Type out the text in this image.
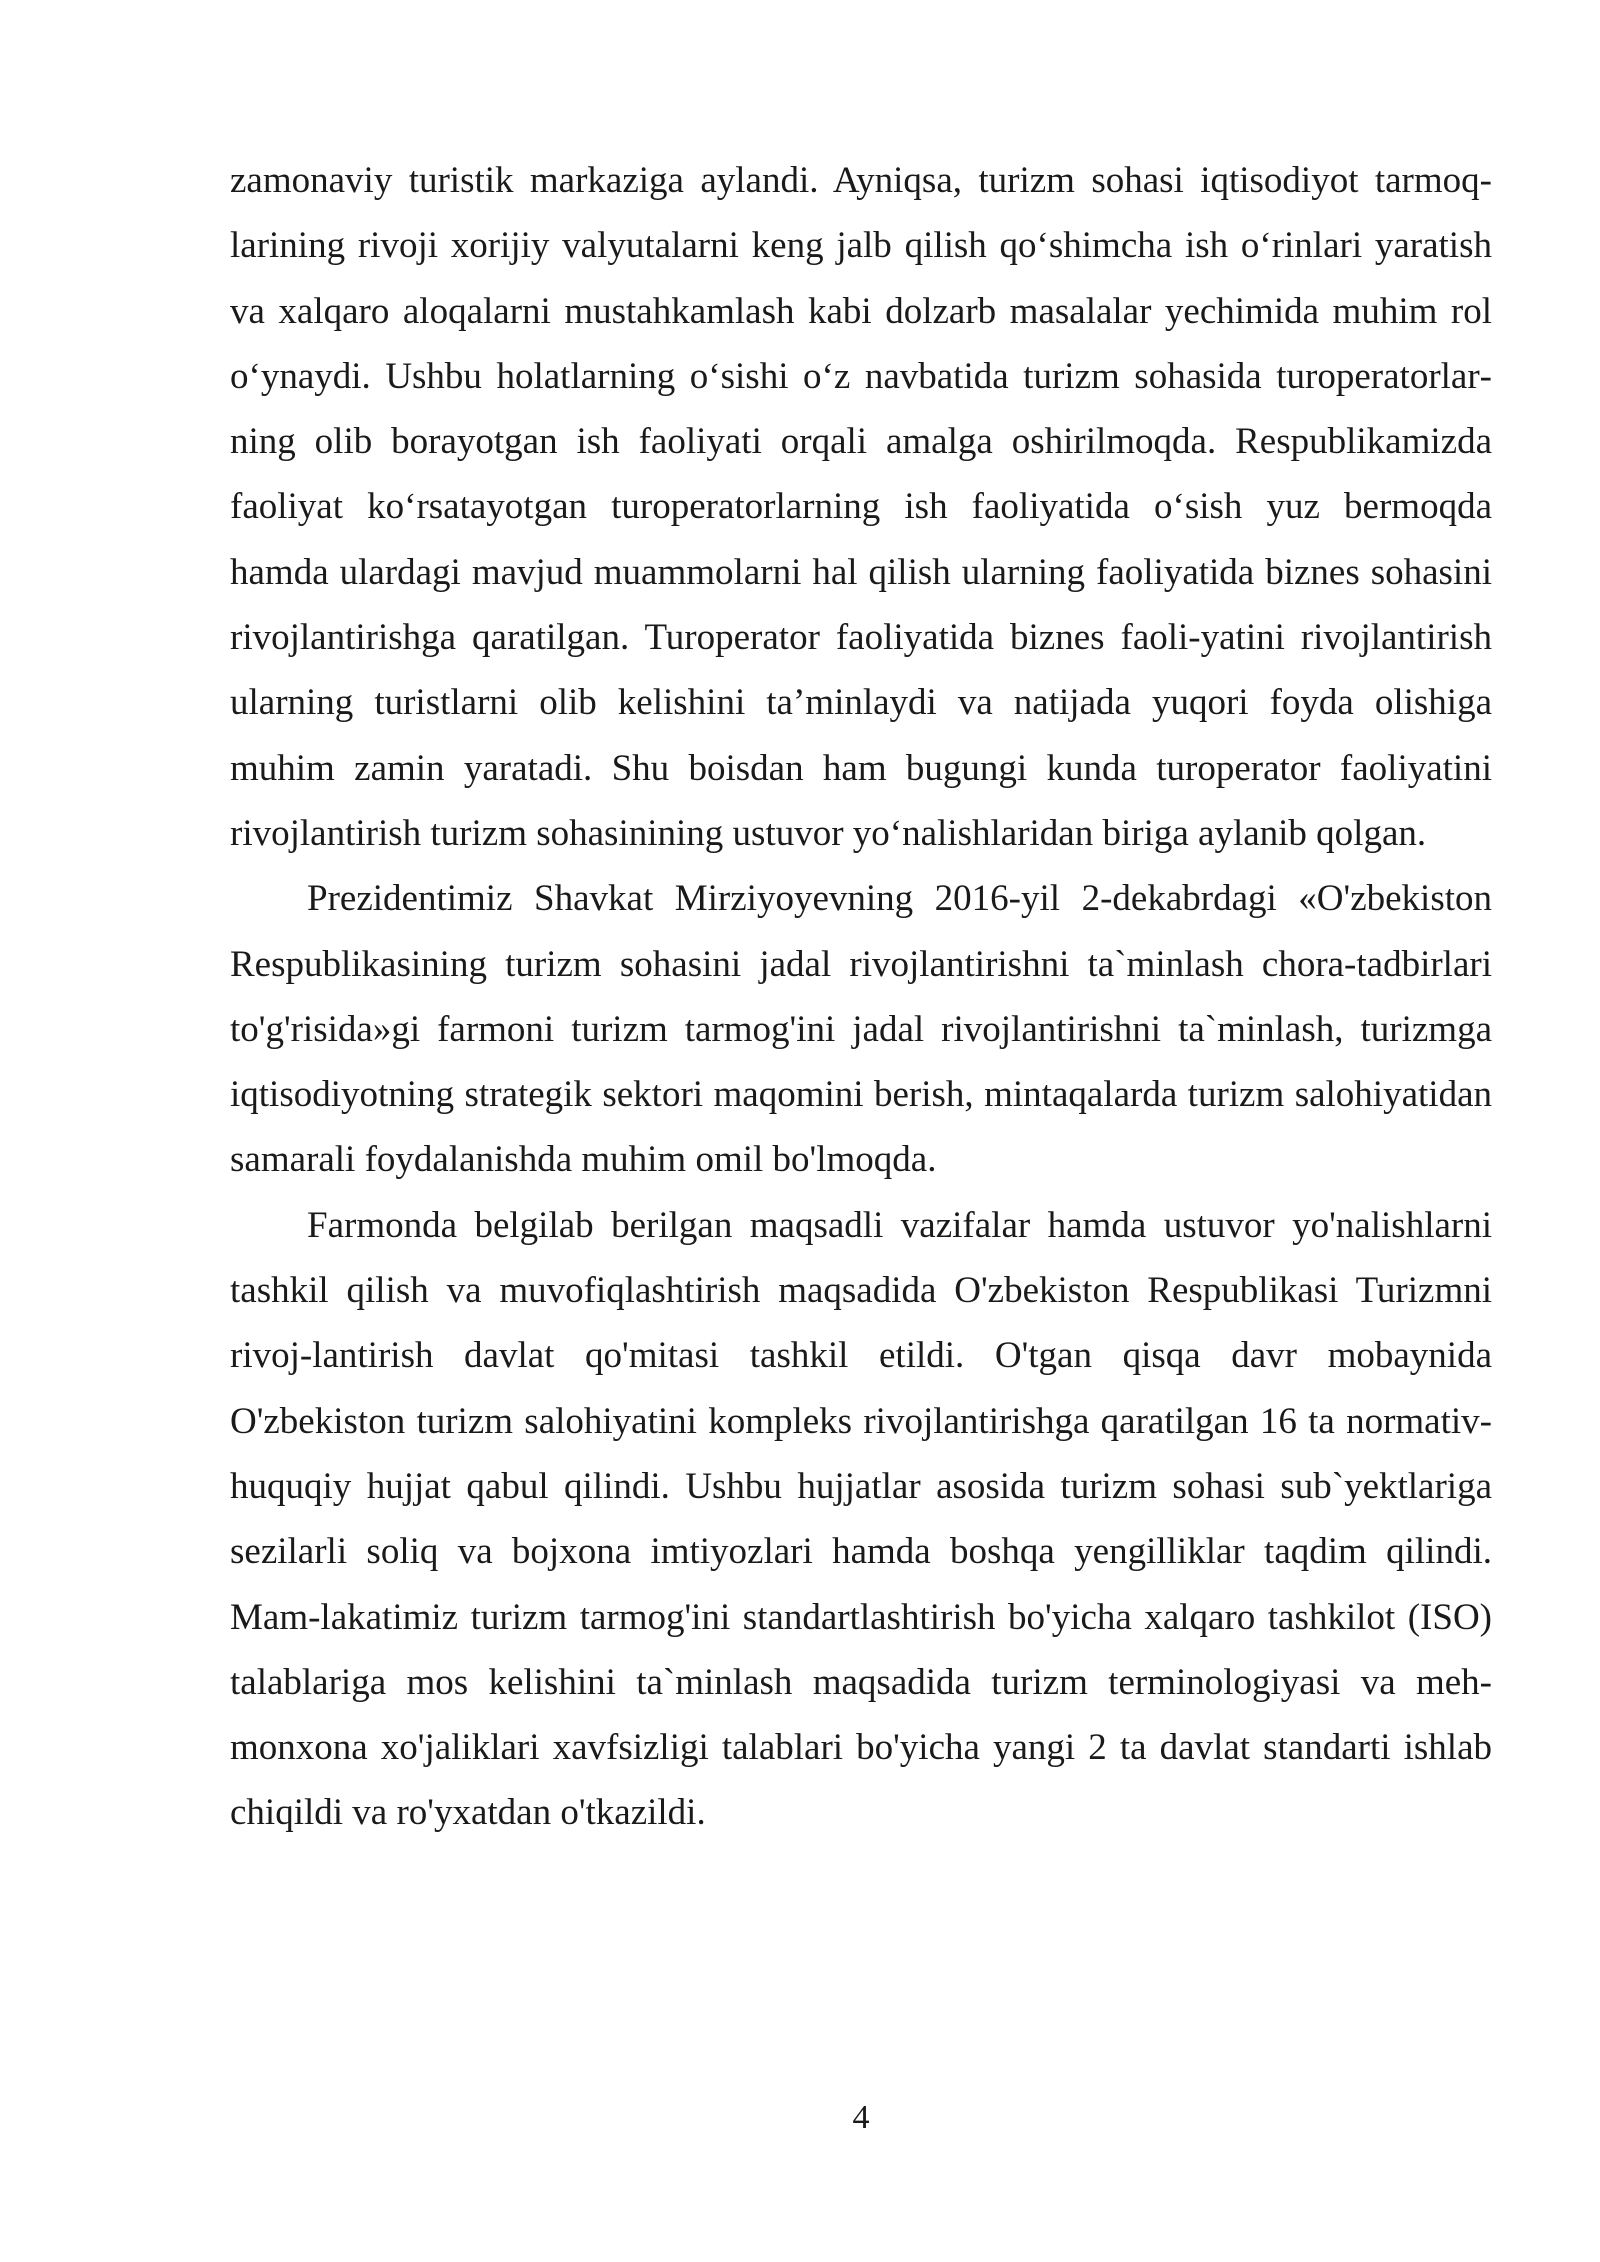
zamonaviy turistik markaziga aylandi. Ayniqsa, turizm sohasi iqtisodiyot tarmoqlarining rivoji xorijiy valyutalarni keng jalb qilish qo‘shimcha ish o‘rinlari yaratish va xalqaro aloqalarni mustahkamlash kabi dolzarb masalalar yechimida muhim rol o‘ynaydi. Ushbu holatlarning o‘sishi o‘z navbatida turizm sohasida turoperatorlarning olib borayotgan ish faoliyati orqali amalga oshirilmoqda. Respublikamizda faoliyat ko‘rsatayotgan turoperatorlarning ish faoliyatida o‘sish yuz bermoqda hamda ulardagi mavjud muammolarni hal qilish ularning faoliyatida biznes sohasini rivojlantirishga qaratilgan. Turoperator faoliyatida biznes faoli-yatini rivojlantirish ularning turistlarni olib kelishini ta’minlaydi va natijada yuqori foyda olishiga muhim zamin yaratadi. Shu boisdan ham bugungi kunda turoperator faoliyatini rivojlantirish turizm sohasinining ustuvor yo‘nalishlaridan biriga aylanib qolgan.

Prezidentimiz Shavkat Mirziyoyevning 2016-yil 2-dekabrdagi «O'zbekiston Respublikasining turizm sohasini jadal rivojlantirishni ta`minlash chora-tadbirlari to'g'risida»gi farmoni turizm tarmog'ini jadal rivojlantirishni ta`minlash, turizmga iqtisodiyotning strategik sektori maqomini berish, mintaqalarda turizm salohiyatidan samarali foydalanishda muhim omil bo'lmoqda.

Farmonda belgilab berilgan maqsadli vazifalar hamda ustuvor yo'nalishlarni tashkil qilish va muvofiqlashtirish maqsadida O'zbekiston Respublikasi Turizmni rivoj-lantirish davlat qo'mitasi tashkil etildi. O'tgan qisqa davr mobaynida O'zbekiston turizm salohiyatini kompleks rivojlantirishga qaratilgan 16 ta normativ-huquqiy hujjat qabul qilindi. Ushbu hujjatlar asosida turizm sohasi sub`yektlariga sezilarli soliq va bojxona imtiyozlari hamda boshqa yengilliklar taqdim qilindi. Mam-lakatimiz turizm tarmog'ini standartlashtirish bo'yicha xalqaro tashkilot (ISO) talablariga mos kelishini ta`minlash maqsadida turizm terminologiyasi va meh-monxona xo'jaliklari xavfsizligi talablari bo'yicha yangi 2 ta davlat standarti ishlab chiqildi va ro'yxatdan o'tkazildi.

4
